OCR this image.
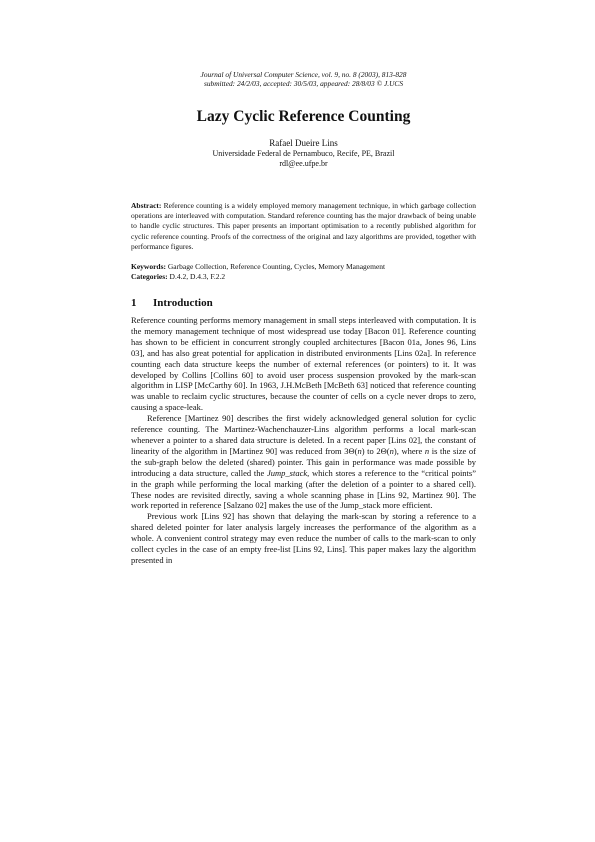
Journal of Universal Computer Science, vol. 9, no. 8 (2003), 813-828
submitted: 24/2/03, accepted: 30/5/03, appeared: 28/8/03 © J.UCS
Lazy Cyclic Reference Counting
Rafael Dueire Lins
Universidade Federal de Pernambuco, Recife, PE, Brazil
rdl@ee.ufpe.br
Abstract: Reference counting is a widely employed memory management technique, in which garbage collection operations are interleaved with computation. Standard reference counting has the major drawback of being unable to handle cyclic structures. This paper presents an important optimisation to a recently published algorithm for cyclic reference counting. Proofs of the correctness of the original and lazy algorithms are provided, together with performance figures.
Keywords: Garbage Collection, Reference Counting, Cycles, Memory Management
Categories: D.4.2, D.4.3, F.2.2
1 Introduction

Reference counting performs memory management in small steps interleaved with computation. It is the memory management technique of most widespread use today [Bacon 01]. Reference counting has shown to be efficient in concurrent strongly coupled architectures [Bacon 01a, Jones 96, Lins 03], and has also great potential for application in distributed environments [Lins 02a]. In reference counting each data structure keeps the number of external references (or pointers) to it. It was developed by Collins [Collins 60] to avoid user process suspension provoked by the mark-scan algorithm in LISP [McCarthy 60]. In 1963, J.H.McBeth [McBeth 63] noticed that reference counting was unable to reclaim cyclic structures, because the counter of cells on a cycle never drops to zero, causing a space-leak.

Reference [Martinez 90] describes the first widely acknowledged general solution for cyclic reference counting. The Martinez-Wachenchauzer-Lins algorithm performs a local mark-scan whenever a pointer to a shared data structure is deleted. In a recent paper [Lins 02], the constant of linearity of the algorithm in [Martinez 90] was reduced from 3Θ(n) to 2Θ(n), where n is the size of the sub-graph below the deleted (shared) pointer. This gain in performance was made possible by introducing a data structure, called the Jump_stack, which stores a reference to the “critical points” in the graph while performing the local marking (after the deletion of a pointer to a shared cell). These nodes are revisited directly, saving a whole scanning phase in [Lins 92, Martinez 90]. The work reported in reference [Salzano 02] makes the use of the Jump_stack more efficient.

Previous work [Lins 92] has shown that delaying the mark-scan by storing a reference to a shared deleted pointer for later analysis largely increases the performance of the algorithm as a whole. A convenient control strategy may even reduce the number of calls to the mark-scan to only collect cycles in the case of an empty free-list [Lins 92, Lins]. This paper makes lazy the algorithm presented in
